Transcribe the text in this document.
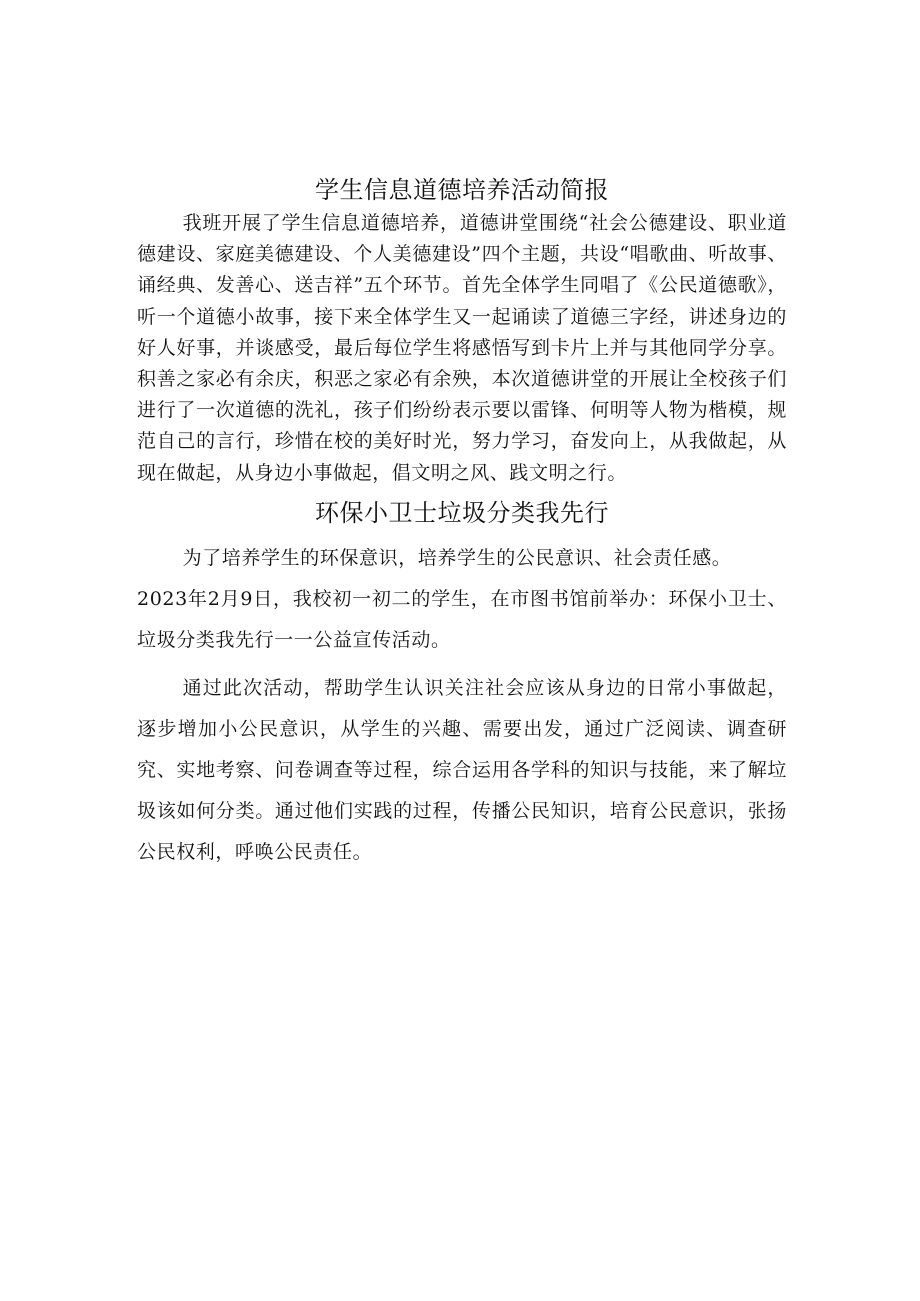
学生信息道德培养活动简报

我班开展了学生信息道德培养，道德讲堂围绕“社会公德建设、职业道德建设、家庭美德建设、个人美德建设”四个主题，共设“唱歌曲、听故事、诵经典、发善心、送吉祥”五个环节。首先全体学生同唱了《公民道德歌》，听一个道德小故事，接下来全体学生又一起诵读了道德三字经，讲述身边的好人好事，并谈感受，最后每位学生将感悟写到卡片上并与其他同学分享。积善之家必有余庆，积恶之家必有余殃，本次道德讲堂的开展让全校孩子们进行了一次道德的洗礼，孩子们纷纷表示要以雷锋、何明等人物为楷模，规范自己的言行，珍惜在校的美好时光，努力学习，奋发向上，从我做起，从现在做起，从身边小事做起，倡文明之风、践文明之行。

环保小卫士垃圾分类我先行

为了培养学生的环保意识，培养学生的公民意识、社会责任感。

2023年2月9日，我校初一初二的学生，在市图书馆前举办：环保小卫士、垃圾分类我先行一一公益宣传活动。

通过此次活动，帮助学生认识关注社会应该从身边的日常小事做起，逐步增加小公民意识，从学生的兴趣、需要出发，通过广泛阅读、调查研究、实地考察、问卷调查等过程，综合运用各学科的知识与技能，来了解垃圾该如何分类。通过他们实践的过程，传播公民知识，培育公民意识，张扬公民权利，呼唤公民责任。
